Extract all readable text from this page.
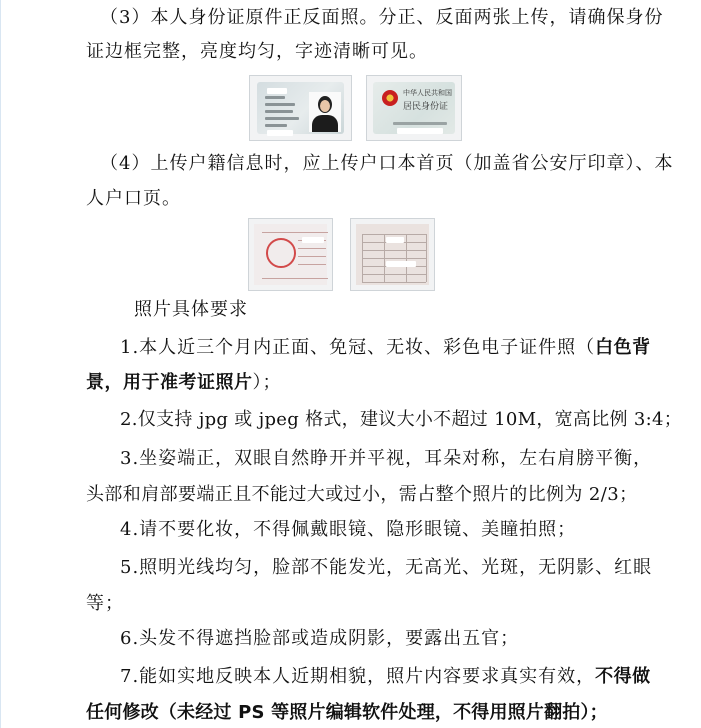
（3）本人身份证原件正反面照。分正、反面两张上传，请确保身份
证边框完整，亮度均匀，字迹清晰可见。
中华人民共和国
居民身份证
（4）上传户籍信息时，应上传户口本首页（加盖省公安厅印章）、本
人户口页。
照片具体要求
1.本人近三个月内正面、免冠、无妆、彩色电子证件照（白色背
景，用于准考证照片）；
2.仅支持 jpg 或 jpeg 格式，建议大小不超过 10M，宽高比例 3:4；
3.坐姿端正，双眼自然睁开并平视，耳朵对称，左右肩膀平衡，
头部和肩部要端正且不能过大或过小，需占整个照片的比例为 2/3；
4.请不要化妆，不得佩戴眼镜、隐形眼镜、美瞳拍照；
5.照明光线均匀，脸部不能发光，无高光、光斑，无阴影、红眼
等；
6.头发不得遮挡脸部或造成阴影，要露出五官；
7.能如实地反映本人近期相貌，照片内容要求真实有效，不得做
任何修改（未经过 PS 等照片编辑软件处理，不得用照片翻拍）；
